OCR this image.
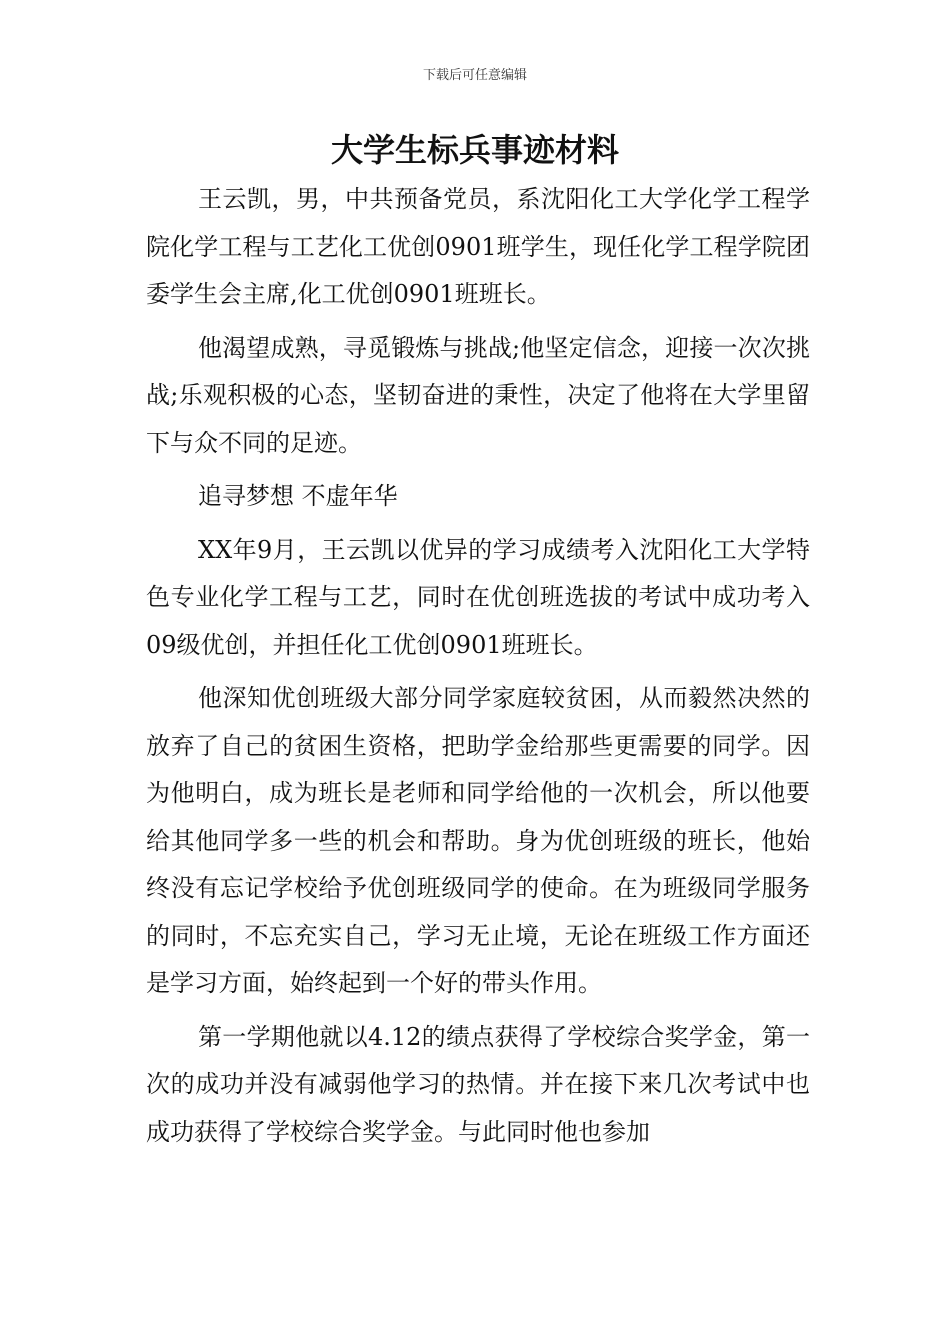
下载后可任意编辑
大学生标兵事迹材料

王云凯，男，中共预备党员，系沈阳化工大学化学工程学院化学工程与工艺化工优创0901班学生，现任化学工程学院团委学生会主席,化工优创0901班班长。

他渴望成熟，寻觅锻炼与挑战;他坚定信念，迎接一次次挑战;乐观积极的心态，坚韧奋进的秉性，决定了他将在大学里留下与众不同的足迹。

追寻梦想 不虚年华

XX年9月，王云凯以优异的学习成绩考入沈阳化工大学特色专业化学工程与工艺，同时在优创班选拔的考试中成功考入09级优创，并担任化工优创0901班班长。

他深知优创班级大部分同学家庭较贫困，从而毅然决然的放弃了自己的贫困生资格，把助学金给那些更需要的同学。因为他明白，成为班长是老师和同学给他的一次机会，所以他要给其他同学多一些的机会和帮助。身为优创班级的班长，他始终没有忘记学校给予优创班级同学的使命。在为班级同学服务的同时，不忘充实自己，学习无止境，无论在班级工作方面还是学习方面，始终起到一个好的带头作用。

第一学期他就以4.12的绩点获得了学校综合奖学金，第一次的成功并没有减弱他学习的热情。并在接下来几次考试中也成功获得了学校综合奖学金。与此同时他也参加
